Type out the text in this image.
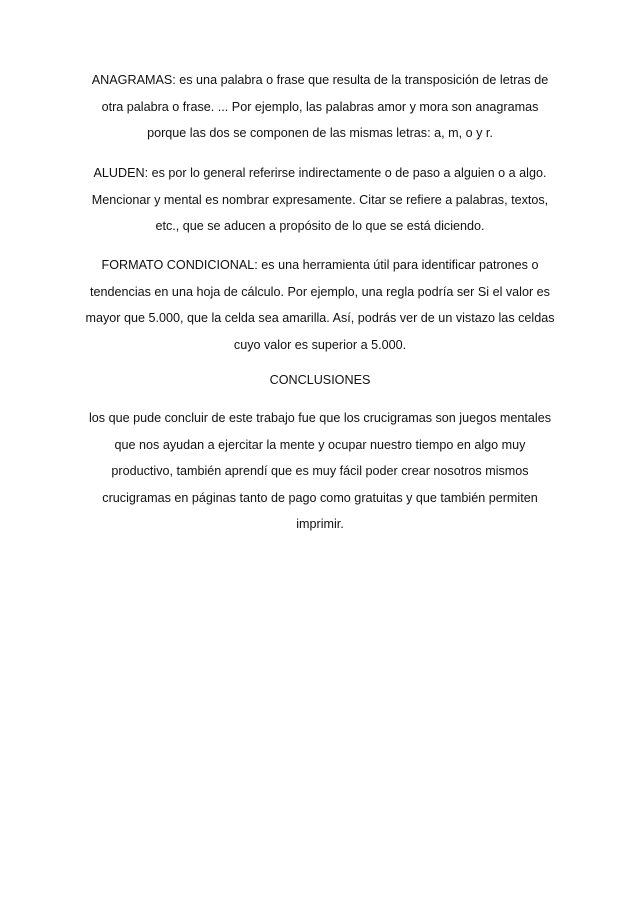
ANAGRAMAS: es una palabra o frase que resulta de la transposición de letras de
otra palabra o frase. ... Por ejemplo, las palabras amor y mora son anagramas
porque las dos se componen de las mismas letras: a, m, o y r.
ALUDEN: es por lo general referirse indirectamente o de paso a alguien o a algo.
Mencionar y mental es nombrar expresamente. Citar se refiere a palabras, textos,
etc., que se aducen a propósito de lo que se está diciendo.
FORMATO CONDICIONAL: es una herramienta útil para identificar patrones o
tendencias en una hoja de cálculo. Por ejemplo, una regla podría ser Si el valor es
mayor que 5.000, que la celda sea amarilla. Así, podrás ver de un vistazo las celdas
cuyo valor es superior a 5.000.
CONCLUSIONES
los que pude concluir de este trabajo fue que los crucigramas son juegos mentales
que nos ayudan a ejercitar la mente y ocupar nuestro tiempo en algo muy
productivo, también aprendí que es muy fácil poder crear nosotros mismos
crucigramas en páginas tanto de pago como gratuitas y que también permiten
imprimir.
